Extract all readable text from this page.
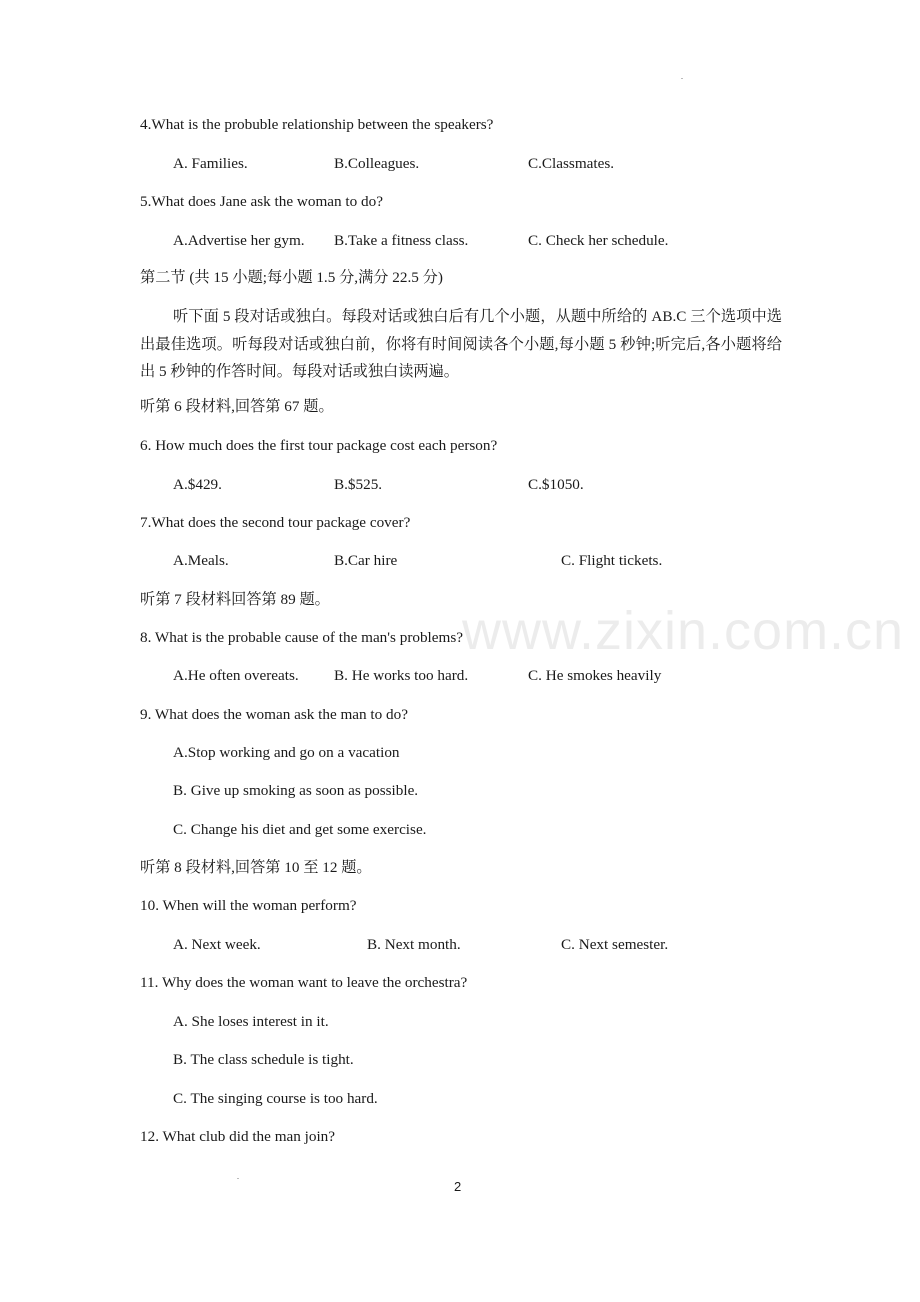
4.What is the probuble relationship between the speakers?
A. Families.	B.Colleagues.	C.Classmates.
5.What does Jane ask the woman to do?
A.Advertise her gym. B.Take a fitness class.	C. Check her schedule.
第二节 (共 15 小题;每小题 1.5 分,满分 22.5 分)
听下面 5 段对话或独白。每段对话或独白后有几个小题，从题中所给的 AB.C 三个选项中选出最佳选项。听每段对话或独白前，你将有时间阅读各个小题,每小题 5 秒钟;听完后,各小题将给出 5 秒钟的作答时间。每段对话或独白读两遍。
听第 6 段材料,回答第 67 题。
6. How much does the first tour package cost each person?
A.$429.	B.$525.	C.$1050.
7.What does the second tour package cover?
A.Meals.	B.Car hire	C. Flight tickets.
听第 7 段材料回答第 89 题。
8. What is the probable cause of the man's problems?
A.He often overeats. B. He works too hard.	C. He smokes heavily
9. What does the woman ask the man to do?
A.Stop working and go on a vacation
B. Give up smoking as soon as possible.
C. Change his diet and get some exercise.
听第 8 段材料,回答第 10 至 12 题。
10. When will the woman perform?
A. Next week.	B. Next month.	C. Next semester.
11. Why does the woman want to leave the orchestra?
A. She loses interest in it.
B. The class schedule is tight.
C. The singing course is too hard.
12. What club did the man join?
www.zixin.com.cn
2
